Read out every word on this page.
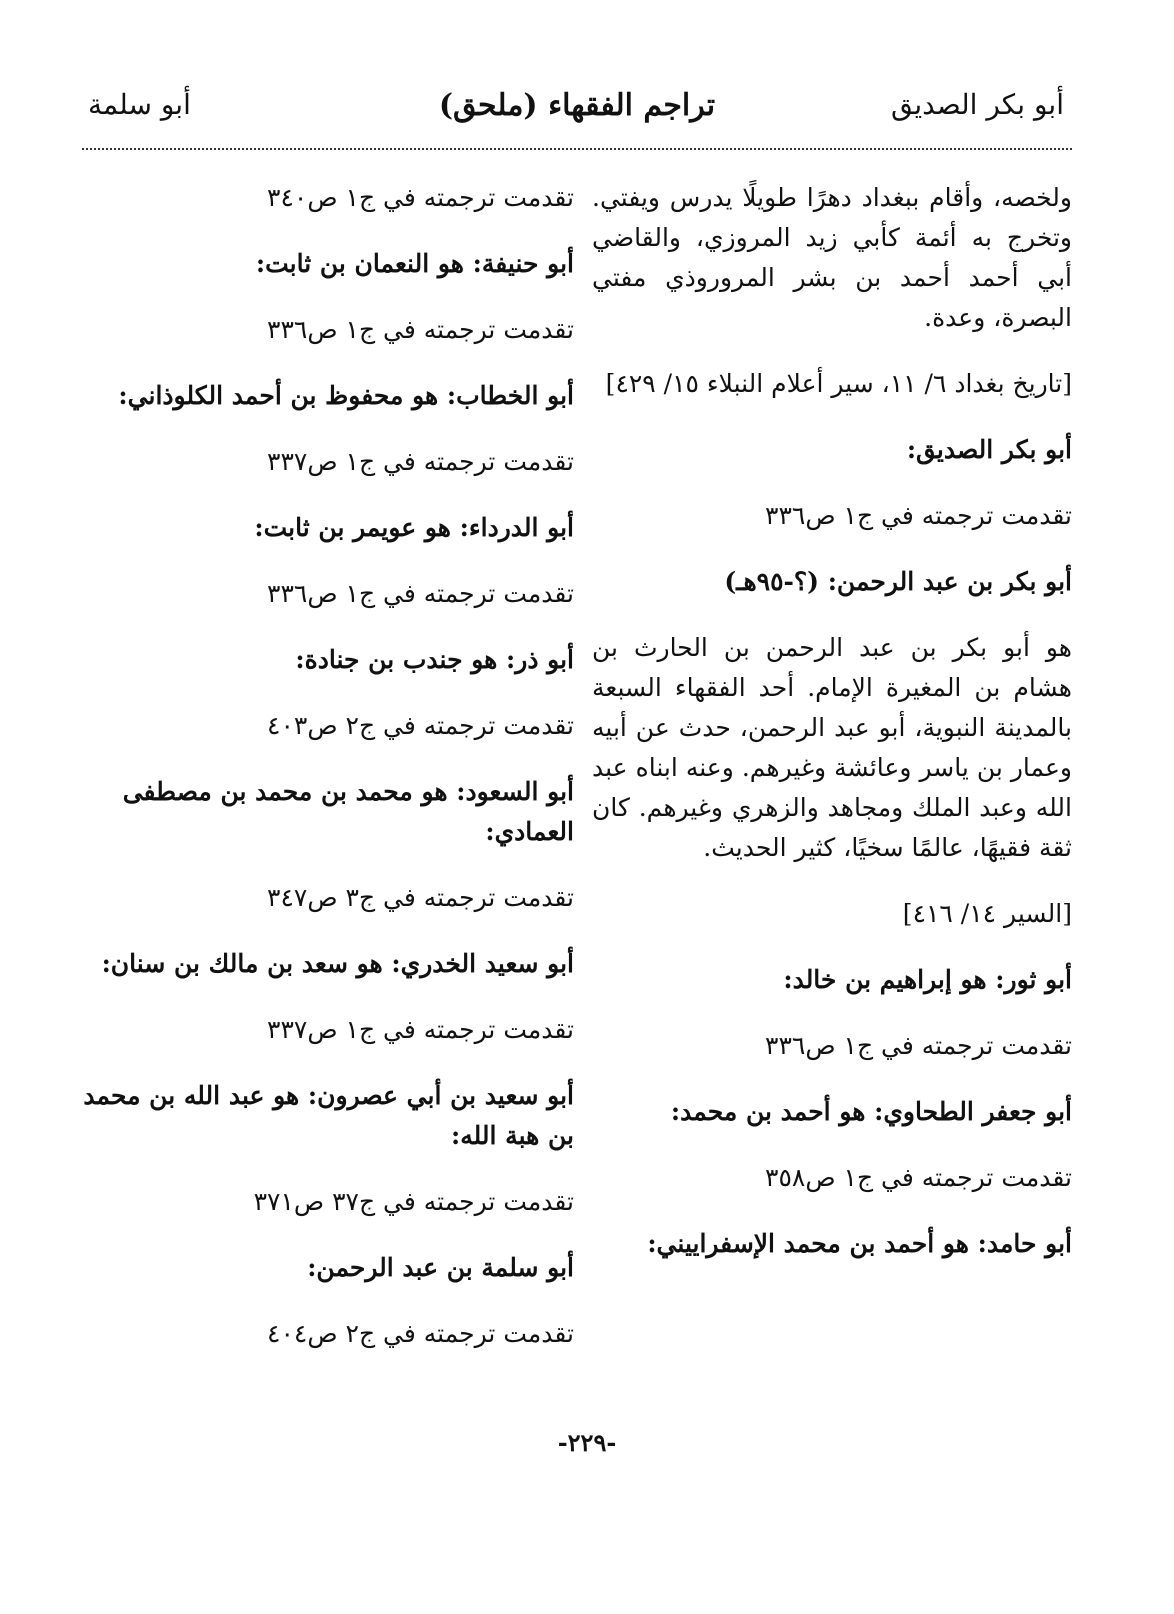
أبو بكر الصديق
(ملحق) تراجم الفقهاء
أبو سلمة

ولخصه، وأقام ببغداد دهرًا طويلًا يدرس ويفتي. وتخرج به أئمة كأبي زيد المروزي، والقاضي أبي أحمد أحمد بن بشر المروروذي مفتي البصرة، وعدة.

[تاريخ بغداد ٦/ ١١، سير أعلام النبلاء ١٥/ ٤٢٩]

أبو بكر الصديق:

تقدمت ترجمته في ج١ ص٣٣٦

أبو بكر بن عبد الرحمن: (؟-٩٥هـ)

هو أبو بكر بن عبد الرحمن بن الحارث بن هشام بن المغيرة الإمام. أحد الفقهاء السبعة بالمدينة النبوية، أبو عبد الرحمن، حدث عن أبيه وعمار بن ياسر وعائشة وغيرهم. وعنه ابناه عبد الله وعبد الملك ومجاهد والزهري وغيرهم. كان ثقة فقيهًا، عالمًا سخيًا، كثير الحديث.

[السير ١٤/ ٤١٦]

أبو ثور: هو إبراهيم بن خالد:

تقدمت ترجمته في ج١ ص٣٣٦

أبو جعفر الطحاوي: هو أحمد بن محمد:

تقدمت ترجمته في ج١ ص٣٥٨

أبو حامد: هو أحمد بن محمد الإسفراييني:

تقدمت ترجمته في ج١ ص٣٤٠

أبو حنيفة: هو النعمان بن ثابت:

تقدمت ترجمته في ج١ ص٣٣٦

أبو الخطاب: هو محفوظ بن أحمد الكلوذاني:

تقدمت ترجمته في ج١ ص٣٣٧

أبو الدرداء: هو عويمر بن ثابت:

تقدمت ترجمته في ج١ ص٣٣٦

أبو ذر: هو جندب بن جنادة:

تقدمت ترجمته في ج٢ ص٤٠٣

أبو السعود: هو محمد بن محمد بن مصطفى العمادي:

تقدمت ترجمته في ج٣ ص٣٤٧

أبو سعيد الخدري: هو سعد بن مالك بن سنان:

تقدمت ترجمته في ج١ ص٣٣٧

أبو سعيد بن أبي عصرون: هو عبد الله بن محمد بن هبة الله:

تقدمت ترجمته في ج٣٧ ص٣٧١

أبو سلمة بن عبد الرحمن:

تقدمت ترجمته في ج٢ ص٤٠٤

-٢٢٩-
